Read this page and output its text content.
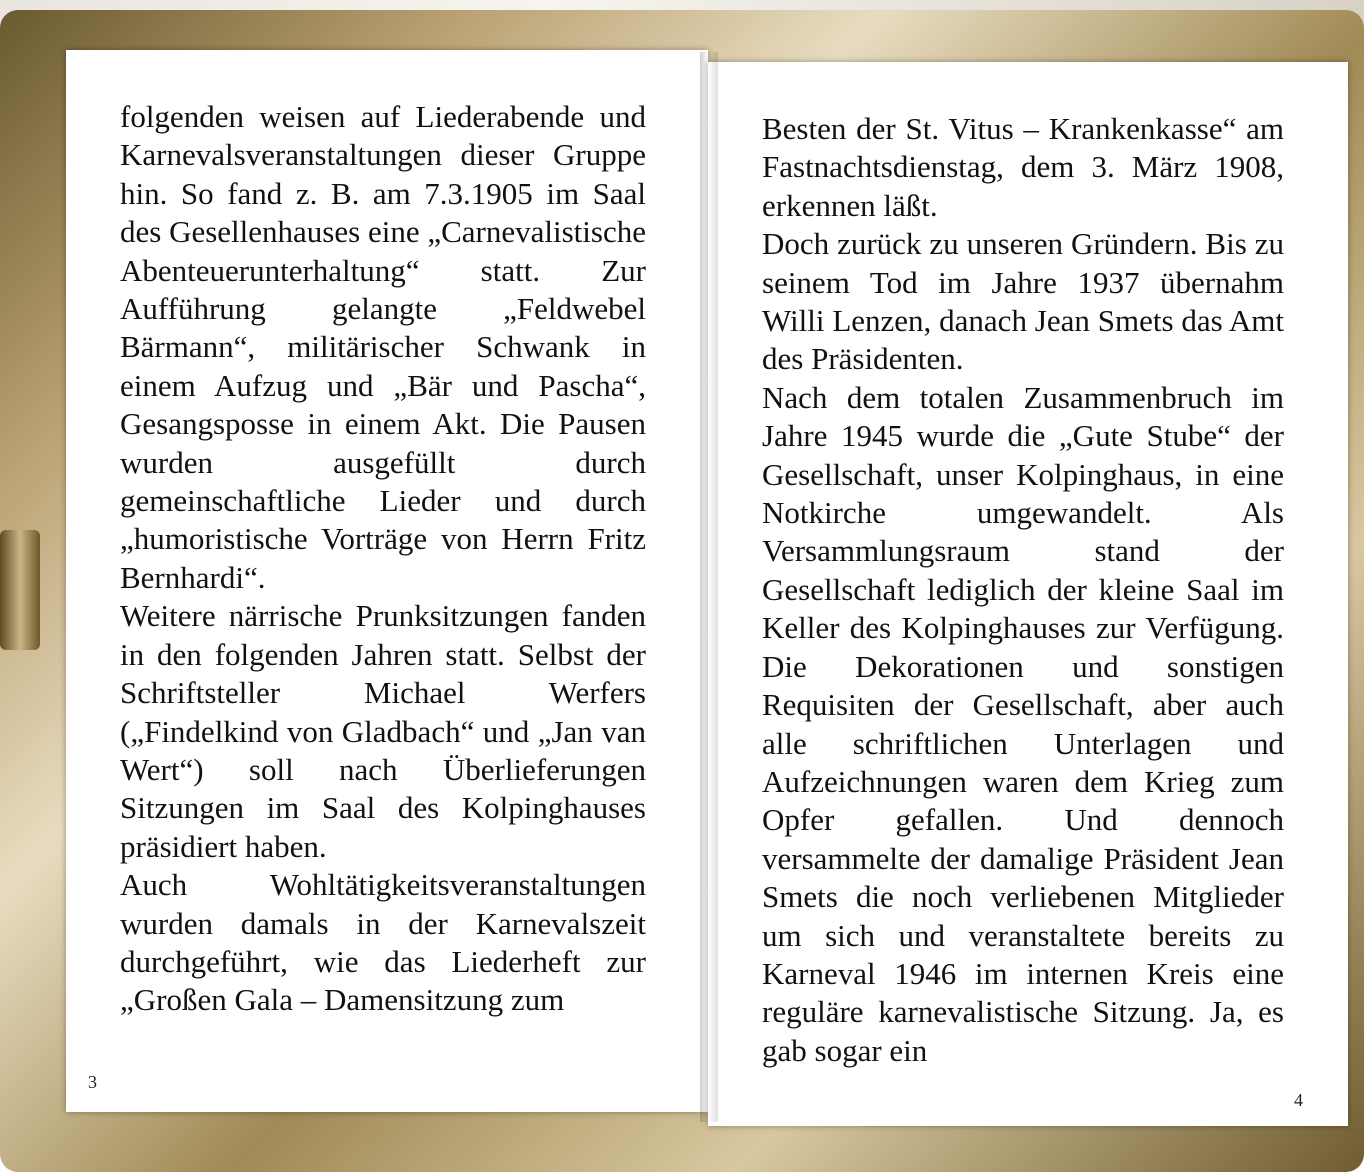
folgenden weisen auf Liederabende und Karnevalsveranstaltungen dieser Gruppe hin. So fand z. B. am 7.3.1905 im Saal des Gesellenhauses eine „Carnevalistische Abenteuerunterhaltung“ statt. Zur Aufführung gelangte „Feldwebel Bärmann“, militärischer Schwank in einem Aufzug und „Bär und Pascha“, Gesangsposse in einem Akt. Die Pausen wurden ausgefüllt durch gemeinschaftliche Lieder und durch „humoristische Vorträge von Herrn Fritz Bernhardi“.

Weitere närrische Prunksitzungen fanden in den folgenden Jahren statt. Selbst der Schriftsteller Michael Werfers („Findelkind von Gladbach“ und „Jan van Wert“) soll nach Überlieferungen Sitzungen im Saal des Kolpinghauses präsidiert haben.

Auch Wohltätigkeitsveranstaltungen wurden damals in der Karnevalszeit durchgeführt, wie das Liederheft zur „Großen Gala – Damensitzung zum

Besten der St. Vitus – Krankenkasse“ am Fastnachtsdienstag, dem 3. März 1908, erkennen läßt.

Doch zurück zu unseren Gründern. Bis zu seinem Tod im Jahre 1937 übernahm Willi Lenzen, danach Jean Smets das Amt des Präsidenten.

Nach dem totalen Zusammenbruch im Jahre 1945 wurde die „Gute Stube“ der Gesellschaft, unser Kolpinghaus, in eine Notkirche umgewandelt. Als Versammlungsraum stand der Gesellschaft lediglich der kleine Saal im Keller des Kolpinghauses zur Verfügung. Die Dekorationen und sonstigen Requisiten der Gesellschaft, aber auch alle schriftlichen Unterlagen und Aufzeichnungen waren dem Krieg zum Opfer gefallen. Und dennoch versammelte der damalige Präsident Jean Smets die noch verliebenen Mitglieder um sich und veranstaltete bereits zu Karneval 1946 im internen Kreis eine reguläre karnevalistische Sitzung. Ja, es gab sogar ein

3
4
